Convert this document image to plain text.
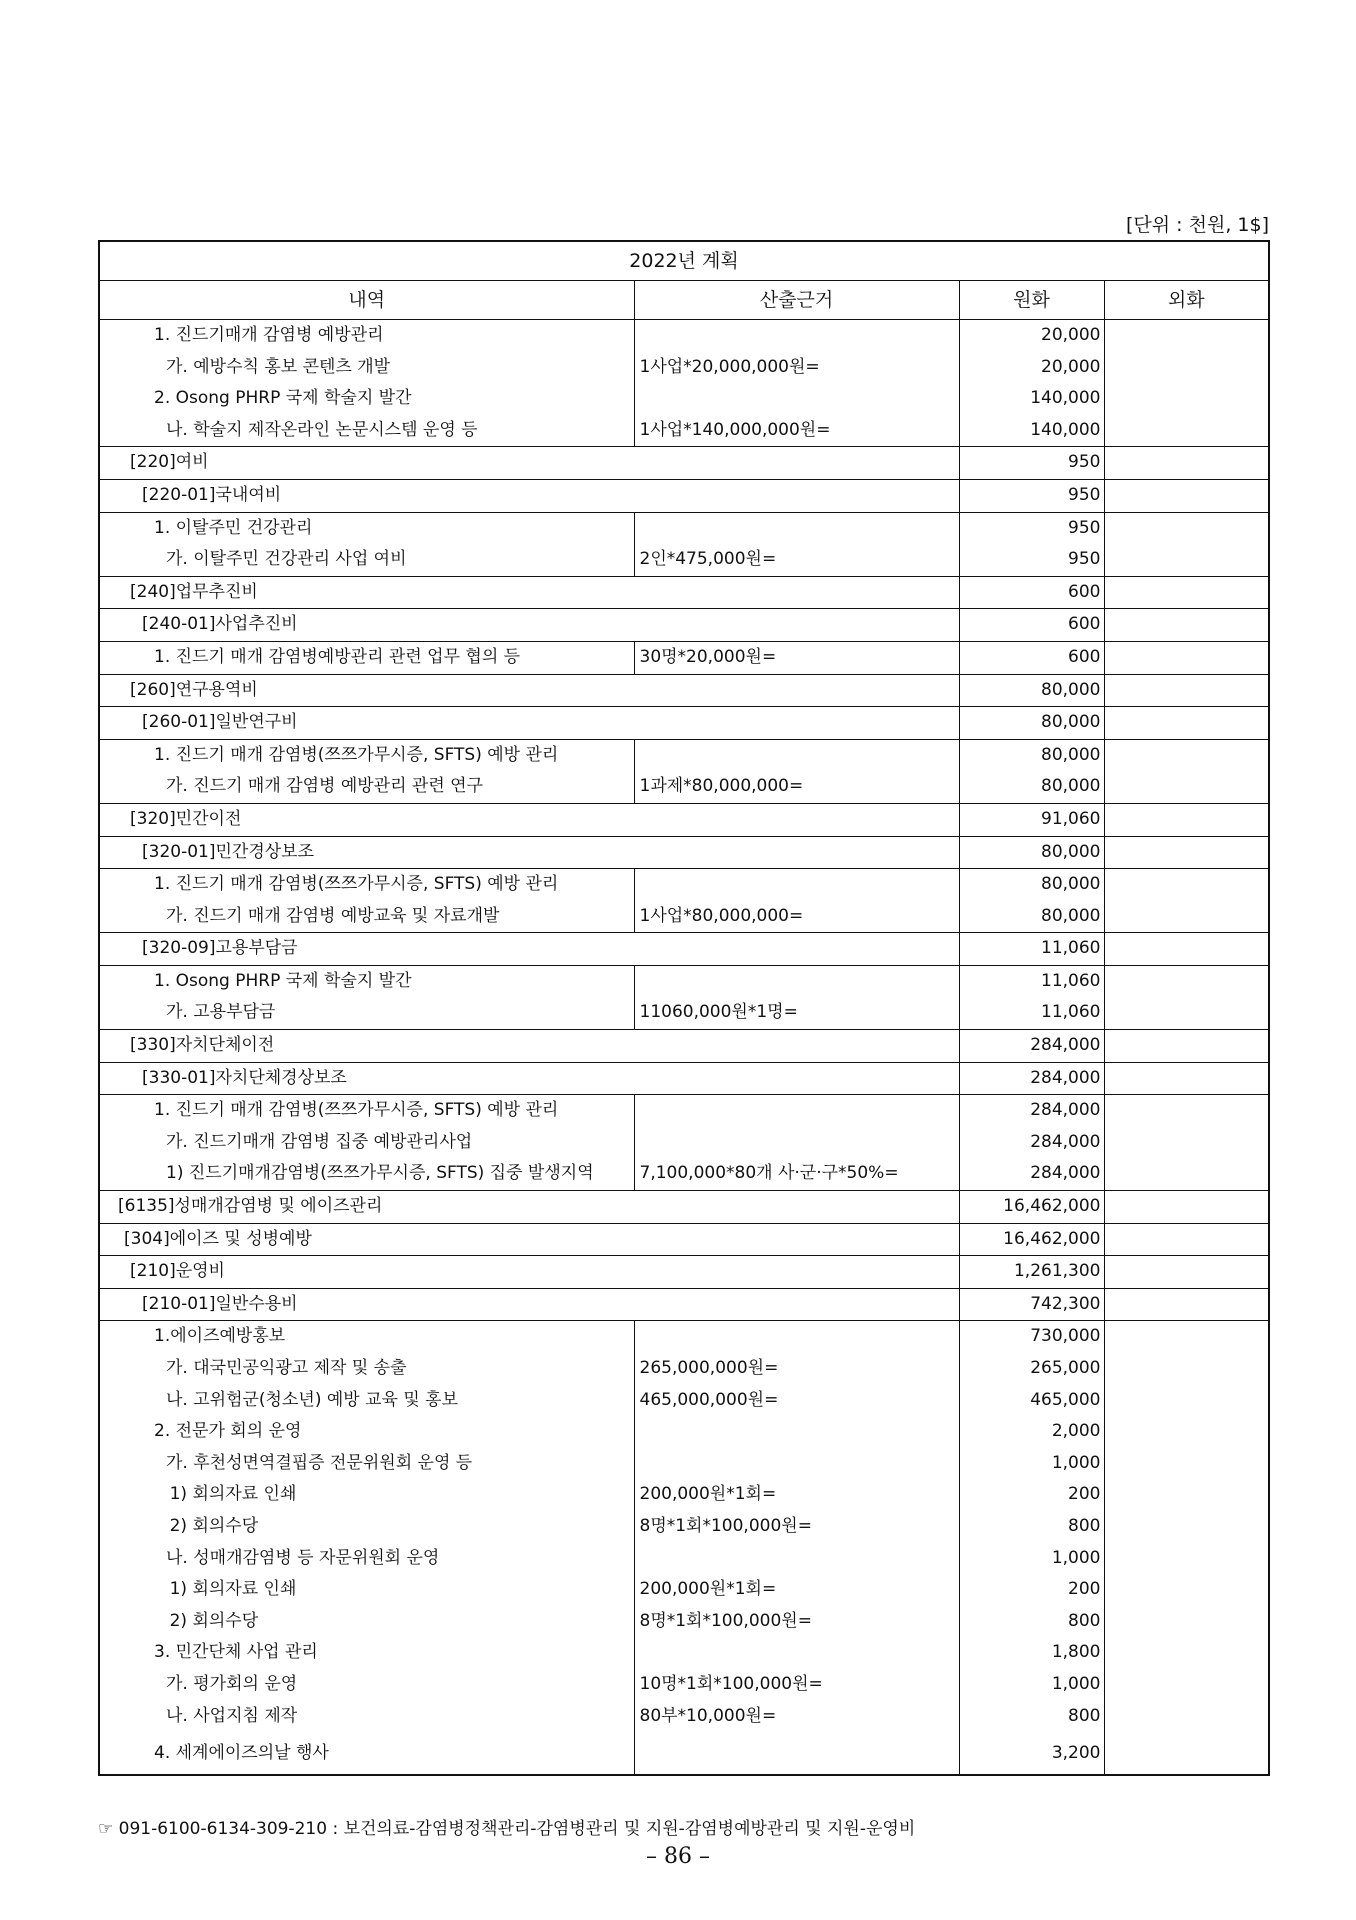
[단위 : 천원, 1$]
2022년 계획			
내역	산출근거	원화	외화
1. 진드기매개 감염병 예방관리		20,000	
가. 예방수칙 홍보 콘텐츠 개발	1사업*20,000,000원=	20,000	
2. Osong PHRP 국제 학술지 발간		140,000	
나. 학술지 제작온라인 논문시스템 운영 등	1사업*140,000,000원=	140,000	
[220]여비		950	
[220-01]국내여비		950	
1. 이탈주민 건강관리		950	
가. 이탈주민 건강관리 사업 여비	2인*475,000원=	950	
[240]업무추진비		600	
[240-01]사업추진비		600	
1. 진드기 매개 감염병예방관리 관련 업무 협의 등	30명*20,000원=	600	
[260]연구용역비		80,000	
[260-01]일반연구비		80,000	
1. 진드기 매개 감염병(쯔쯔가무시증, SFTS) 예방 관리		80,000	
가. 진드기 매개 감염병 예방관리 관련 연구	1과제*80,000,000=	80,000	
[320]민간이전		91,060	
[320-01]민간경상보조		80,000	
1. 진드기 매개 감염병(쯔쯔가무시증, SFTS) 예방 관리		80,000	
가. 진드기 매개 감염병 예방교육 및 자료개발	1사업*80,000,000=	80,000	
[320-09]고용부담금		11,060	
1. Osong PHRP 국제 학술지 발간		11,060	
가. 고용부담금	11060,000원*1명=	11,060	
[330]자치단체이전		284,000	
[330-01]자치단체경상보조		284,000	
1. 진드기 매개 감염병(쯔쯔가무시증, SFTS) 예방 관리		284,000	
가. 진드기매개 감염병 집중 예방관리사업		284,000	
1) 진드기매개감염병(쯔쯔가무시증, SFTS) 집중 발생지역	7,100,000*80개 사·군·구*50%=	284,000	
[6135]성매개감염병 및 에이즈관리		16,462,000	
[304]에이즈 및 성병예방		16,462,000	
[210]운영비		1,261,300	
[210-01]일반수용비		742,300	
1.에이즈예방홍보		730,000	
가. 대국민공익광고 제작 및 송출	265,000,000원=	265,000	
나. 고위험군(청소년) 예방 교육 및 홍보	465,000,000원=	465,000	
2. 전문가 회의 운영		2,000	
가. 후천성면역결핍증 전문위원회 운영 등		1,000	
1) 회의자료 인쇄	200,000원*1회=	200	
2) 회의수당	8명*1회*100,000원=	800	
나. 성매개감염병 등 자문위원회 운영		1,000	
1) 회의자료 인쇄	200,000원*1회=	200	
2) 회의수당	8명*1회*100,000원=	800	
3. 민간단체 사업 관리		1,800	
가. 평가회의 운영	10명*1회*100,000원=	1,000	
나. 사업지침 제작	80부*10,000원=	800	
4. 세계에이즈의날 행사		3,200	
☞ 091-6100-6134-309-210 : 보건의료-감염병정책관리-감염병관리 및 지원-감염병예방관리 및 지원-운영비
– 86 –
